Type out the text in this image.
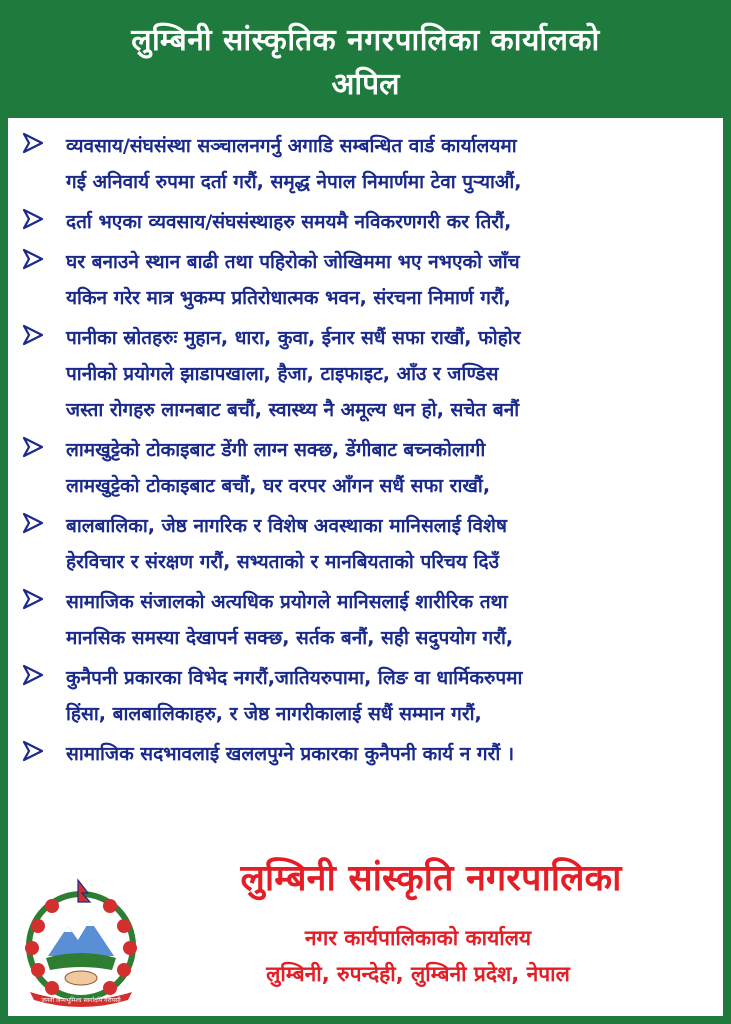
लुम्बिनी सांस्कृतिक नगरपालिका कार्यालको
अपिल
व्यवसाय/संघसंस्था सञ्चालनगर्नु अगाडि सम्बन्धित वार्ड कार्यालयमा
गई अनिवार्य रुपमा दर्ता गरौं, समृद्ध नेपाल निमार्णमा टेवा पुर्‍याऔं,
दर्ता भएका व्यवसाय/संघसंस्थाहरु समयमै नविकरणगरी कर तिरौं,
घर बनाउने स्थान बाढी तथा पहिरोको जोखिममा भए नभएको जाँच
यकिन गरेर मात्र भुकम्प प्रतिरोधात्मक भवन, संरचना निमार्ण गरौं,
पानीका स्रोतहरुः मुहान, धारा, कुवा, ईनार सधैं सफा राखौं, फोहोर
पानीको प्रयोगले झाडापखाला, हैजा, टाइफाइट, आँउ र जण्डिस
जस्ता रोगहरु लाग्नबाट बचौं, स्वास्थ्य नै अमूल्य धन हो, सचेत बनौं
लामखुट्टेको टोकाइबाट डेंगी लाग्न सक्छ, डेंगीबाट बच्नकोलागी
लामखुट्टेको टोकाइबाट बचौं, घर वरपर आँगन सधैं सफा राखौं,
बालबालिका, जेष्ठ नागरिक र विशेष अवस्थाका मानिसलाई विशेष
हेरविचार र संरक्षण गरौं, सभ्यताको र मानबियताको परिचय दिउँ
सामाजिक संजालको अत्यधिक प्रयोगले मानिसलाई शारीरिक तथा
मानसिक समस्या देखापर्न सक्छ, सर्तक बनौं, सही सदुपयोग गरौं,
कुनैपनी प्रकारका विभेद नगरौं,जातियरुपामा, लिङ वा धार्मिकरुपमा
हिंसा, बालबालिकाहरु, र जेष्ठ नागरीकालाई सधैं सम्मान गरौं,
सामाजिक सदभावलाई खललपुग्ने प्रकारका कुनैपनी कार्य न गरौं ।
जननी जन्मभूमिश्च स्वर्गादपि गरीयसी
लुम्बिनी सांस्कृति नगरपालिका
नगर कार्यपालिकाको कार्यालय
लुम्बिनी, रुपन्देही, लुम्बिनी प्रदेश, नेपाल
